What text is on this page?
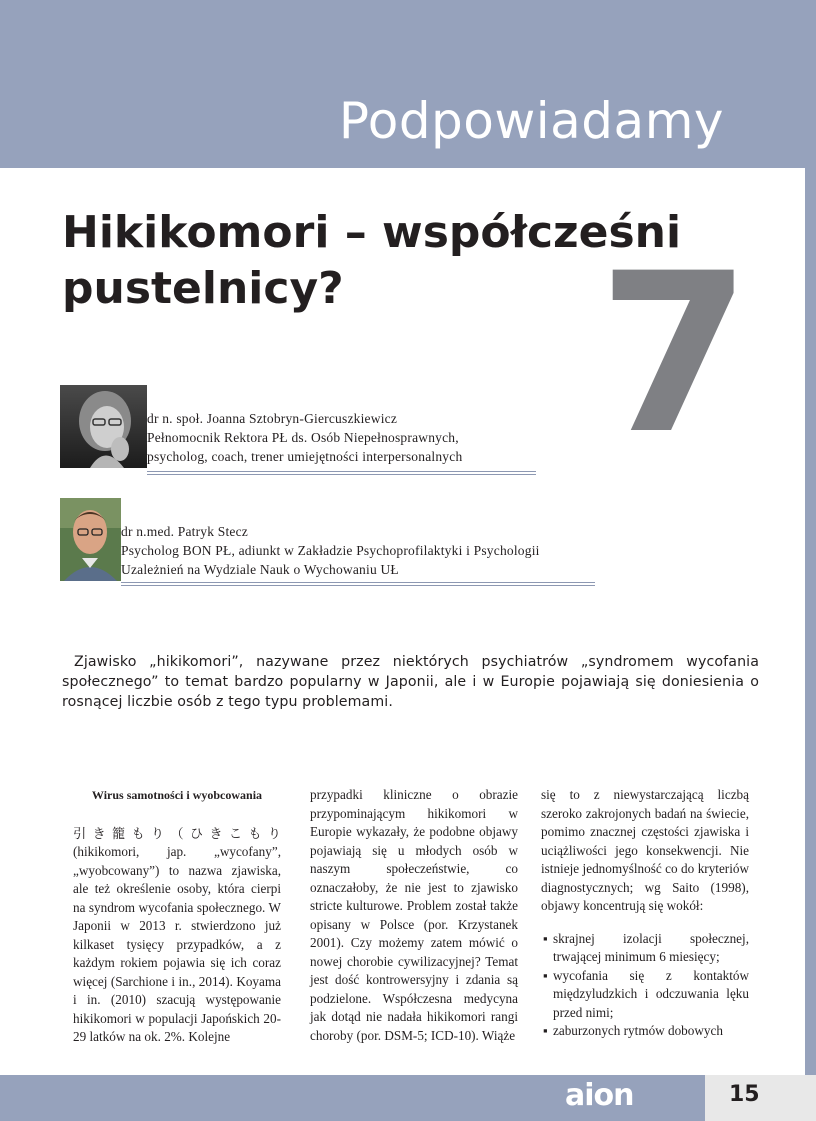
Podpowiadamy
Hikikomori – współcześni
pustelnicy?	7
dr n. społ. Joanna Sztobryn-Giercuszkiewicz
Pełnomocnik Rektora PŁ ds. Osób Niepełnosprawnych,
psycholog, coach, trener umiejętności interpersonalnych
dr n.med. Patryk Stecz
Psycholog BON PŁ, adiunkt w Zakładzie Psychoprofilaktyki i Psychologii
Uzależnień na Wydziale Nauk o Wychowaniu UŁ

Zjawisko „hikikomori”, nazywane przez niektórych psychiatrów „syndromem wycofania społecznego” to temat bardzo popularny w Japonii, ale i w Europie pojawiają się doniesienia o rosnącej liczbie osób z tego typu problemami.

Wirus samotności i wyobcowania

引き籠もり（ひきこもり(hikikomori, jap. „wycofany”, „wyobcowany”) to nazwa zjawiska, ale też określenie osoby, która cierpi na syndrom wycofania społecznego. W Japonii w 2013 r. stwierdzono już kilkaset tysięcy przypadków, a z każdym rokiem pojawia się ich coraz więcej (Sarchione i in., 2014). Koyama i in. (2010) szacują występowanie hikikomori w populacji Japońskich 20-29 latków na ok. 2%. Kolejne

przypadki kliniczne o obrazie przypominającym hikikomori w Europie wykazały, że podobne objawy pojawiają się u młodych osób w naszym społeczeństwie, co oznaczałoby, że nie jest to zjawisko stricte kulturowe. Problem został także opisany w Polsce (por. Krzystanek 2001). Czy możemy zatem mówić o nowej chorobie cywilizacyjnej? Temat jest dość kontrowersyjny i zdania są podzielone. Współczesna medycyna jak dotąd nie nadała hikikomori rangi choroby (por. DSM-5; ICD-10). Wiąże

się to z niewystarczającą liczbą szeroko zakrojonych badań na świecie, pomimo znacznej częstości zjawiska i uciążliwości jego konsekwencji. Nie istnieje jednomyślność co do kryteriów diagnostycznych; wg Saito (1998), objawy koncentrują się wokół:

▪ skrajnej izolacji społecznej, trwającej minimum 6 miesięcy;
▪ wycofania się z kontaktów międzyludzkich i odczuwania lęku przed nimi;
▪ zaburzonych rytmów dobowych
aion	15
